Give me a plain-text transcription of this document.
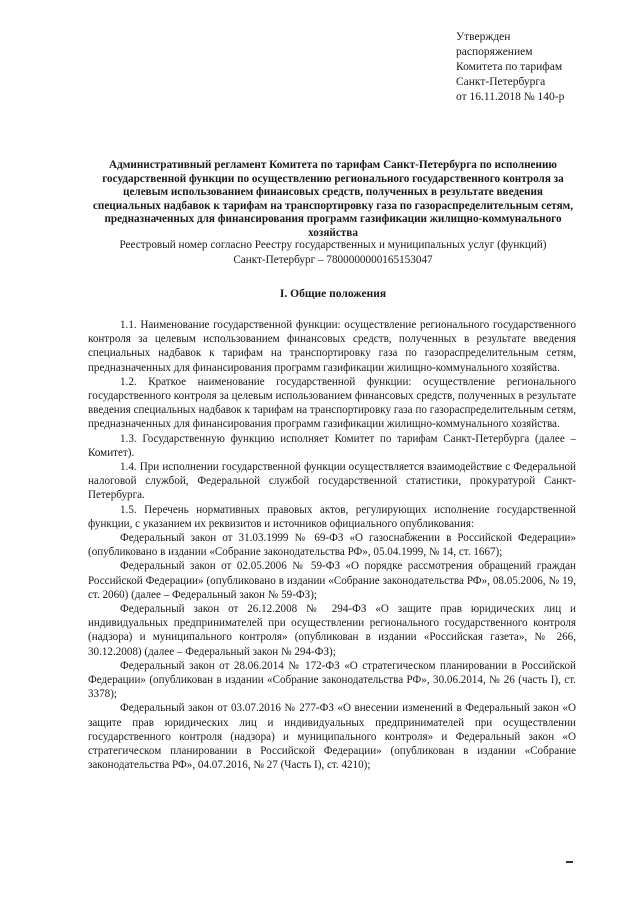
Утвержден
распоряжением
Комитета по тарифам
Санкт-Петербурга
от 16.11.2018 № 140-р
Административный регламент Комитета по тарифам Санкт-Петербурга по исполнению государственной функции по осуществлению регионального государственного контроля за целевым использованием финансовых средств, полученных в результате введения специальных надбавок к тарифам на транспортировку газа по газораспределительным сетям, предназначенных для финансирования программ газификации жилищно-коммунального хозяйства
Реестровый номер согласно Реестру государственных и муниципальных услуг (функций)
Санкт-Петербург – 7800000000165153047
I. Общие положения

1.1. Наименование государственной функции: осуществление регионального государственного контроля за целевым использованием финансовых средств, полученных в результате введения специальных надбавок к тарифам на транспортировку газа по газораспределительным сетям, предназначенных для финансирования программ газификации жилищно-коммунального хозяйства.

1.2. Краткое наименование государственной функции: осуществление регионального государственного контроля за целевым использованием финансовых средств, полученных в результате введения специальных надбавок к тарифам на транспортировку газа по газораспределительным сетям, предназначенных для финансирования программ газификации жилищно-коммунального хозяйства.

1.3. Государственную функцию исполняет Комитет по тарифам Санкт-Петербурга (далее – Комитет).

1.4. При исполнении государственной функции осуществляется взаимодействие с Федеральной налоговой службой, Федеральной службой государственной статистики, прокуратурой Санкт-Петербурга.

1.5. Перечень нормативных правовых актов, регулирующих исполнение государственной функции, с указанием их реквизитов и источников официального опубликования:

Федеральный закон от 31.03.1999 № 69-ФЗ «О газоснабжении в Российской Федерации» (опубликовано в издании «Собрание законодательства РФ», 05.04.1999, № 14, ст. 1667);

Федеральный закон от 02.05.2006 № 59-ФЗ «О порядке рассмотрения обращений граждан Российской Федерации» (опубликовано в издании «Собрание законодательства РФ», 08.05.2006, № 19, ст. 2060) (далее – Федеральный закон № 59-ФЗ);

Федеральный закон от 26.12.2008 № 294-ФЗ «О защите прав юридических лиц и индивидуальных предпринимателей при осуществлении регионального государственного контроля (надзора) и муниципального контроля» (опубликован в издании «Российская газета», № 266, 30.12.2008) (далее – Федеральный закон № 294-ФЗ);

Федеральный закон от 28.06.2014 № 172-ФЗ «О стратегическом планировании в Российской Федерации» (опубликован в издании «Собрание законодательства РФ», 30.06.2014, № 26 (часть I), ст. 3378);

Федеральный закон от 03.07.2016 № 277-ФЗ «О внесении изменений в Федеральный закон «О защите прав юридических лиц и индивидуальных предпринимателей при осуществлении государственного контроля (надзора) и муниципального контроля» и Федеральный закон «О стратегическом планировании в Российской Федерации» (опубликован в издании «Собрание законодательства РФ», 04.07.2016, № 27 (Часть I), ст. 4210);
